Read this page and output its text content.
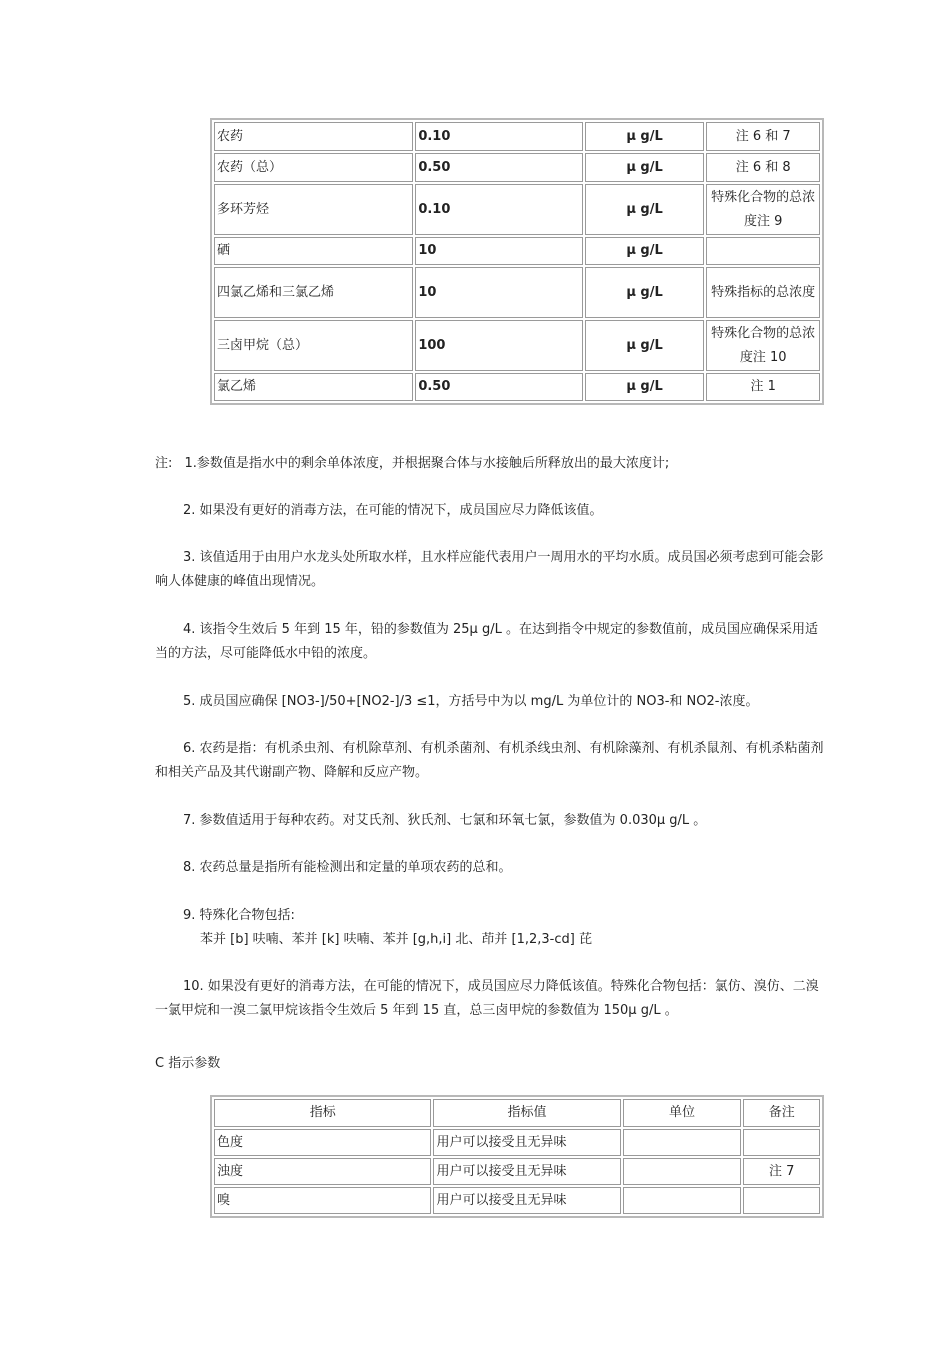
农药	0.10	μ g/L	注 6 和 7
农药（总）	0.50	μ g/L	注 6 和 8
多环芳烃	0.10	μ g/L	特殊化合物的总浓度注 9
硒	10	μ g/L	
四氯乙烯和三氯乙烯	10	μ g/L	特殊指标的总浓度
三卤甲烷（总）	100	μ g/L	特殊化合物的总浓度注 10
氯乙烯	0.50	μ g/L	注 1
注: 1.参数值是指水中的剩余单体浓度，并根据聚合体与水接触后所释放出的最大浓度计;
2. 如果没有更好的消毒方法，在可能的情况下，成员国应尽力降低该值。
3. 该值适用于由用户水龙头处所取水样，且水样应能代表用户一周用水的平均水质。成员国必须考虑到可能会影响人体健康的峰值出现情况。
4. 该指令生效后 5 年到 15 年，铅的参数值为 25μ g/L 。在达到指令中规定的参数值前，成员国应确保采用适当的方法，尽可能降低水中铅的浓度。
5. 成员国应确保 [NO3-]/50+[NO2-]/3 ≤1，方括号中为以 mg/L 为单位计的 NO3-和 NO2-浓度。
6. 农药是指：有机杀虫剂、有机除草剂、有机杀菌剂、有机杀线虫剂、有机除藻剂、有机杀鼠剂、有机杀粘菌剂和相关产品及其代谢副产物、降解和反应产物。
7. 参数值适用于每种农药。对艾氏剂、狄氏剂、七氯和环氧七氯，参数值为 0.030μ g/L 。
8. 农药总量是指所有能检测出和定量的单项农药的总和。
9. 特殊化合物包括:
苯并 [b] 呋喃、苯并 [k] 呋喃、苯并 [g,h,i] 北、茚并 [1,2,3-cd] 芘
10. 如果没有更好的消毒方法，在可能的情况下，成员国应尽力降低该值。特殊化合物包括：氯仿、溴仿、二溴一氯甲烷和一溴二氯甲烷该指令生效后 5 年到 15 直，总三卤甲烷的参数值为 150μ g/L 。
C 指示参数
指标	指标值	单位	备注
色度	用户可以接受且无异味		
浊度	用户可以接受且无异味		注 7
嗅	用户可以接受且无异味		
